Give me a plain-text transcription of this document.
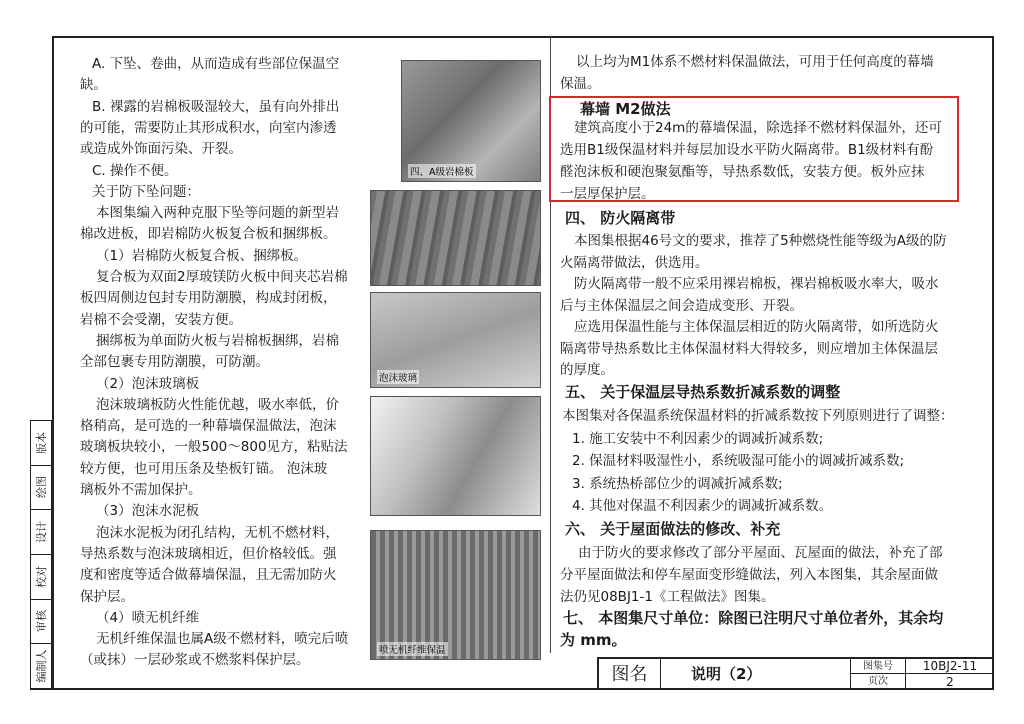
四、A级岩棉板
泡沫玻璃
喷无机纤维保温
版本
绘图
设计
校对
审核
编制人	图名	说明（2）	图集号	10BJ2-11
页次	2
A. 下坠、卷曲，从而造成有些部位保温空
缺。
B. 裸露的岩棉板吸湿较大，虽有向外排出
的可能，需要防止其形成积水，向室内渗透
或造成外饰面污染、开裂。
C. 操作不便。
关于防下坠问题：
本图集编入两种克服下坠等问题的新型岩
棉改进板，即岩棉防火板复合板和捆绑板。
（1）岩棉防火板复合板、捆绑板。
复合板为双面2厚玻镁防火板中间夹芯岩棉
板四周侧边包封专用防潮膜，构成封闭板，
岩棉不会受潮，安装方便。
捆绑板为单面防火板与岩棉板捆绑，岩棉
全部包裹专用防潮膜，可防潮。
（2）泡沫玻璃板
泡沫玻璃板防火性能优越，吸水率低，价
格稍高，是可选的一种幕墙保温做法，泡沫
玻璃板块较小，一般500～800见方，粘贴法
较方便，也可用压条及垫板钉锚。 泡沫玻
璃板外不需加保护。
（3）泡沫水泥板
泡沫水泥板为闭孔结构，无机不燃材料，
导热系数与泡沫玻璃相近，但价格较低。强
度和密度等适合做幕墙保温，且无需加防火
保护层。
（4）喷无机纤维
无机纤维保温也属A级不燃材料，喷完后喷
（或抹）一层砂浆或不燃浆料保护层。
以上均为M1体系不燃材料保温做法，可用于任何高度的幕墙
保温。
幕墙 M2做法
建筑高度小于24m的幕墙保温，除选择不燃材料保温外，还可
选用B1级保温材料并每层加设水平防火隔离带。B1级材料有酚
醛泡沫板和硬泡聚氨酯等，导热系数低，安装方便。板外应抹
一层厚保护层。
四、 防火隔离带
本图集根据46号文的要求，推荐了5种燃烧性能等级为A级的防
火隔离带做法，供选用。
防火隔离带一般不应采用裸岩棉板，裸岩棉板吸水率大，吸水
后与主体保温层之间会造成变形、开裂。
应选用保温性能与主体保温层相近的防火隔离带，如所选防火
隔离带导热系数比主体保温材料大得较多，则应增加主体保温层
的厚度。
五、 关于保温层导热系数折减系数的调整
本图集对各保温系统保温材料的折减系数按下列原则进行了调整：
1. 施工安装中不利因素少的调减折减系数;
2. 保温材料吸湿性小，系统吸湿可能小的调减折减系数;
3. 系统热桥部位少的调减折减系数;
4. 其他对保温不利因素少的调减折减系数。
六、 关于屋面做法的修改、补充
由于防火的要求修改了部分平屋面、瓦屋面的做法，补充了部
分平屋面做法和停车屋面变形缝做法，列入本图集，其余屋面做
法仍见08BJ1-1《工程做法》图集。
七、 本图集尺寸单位：除图已注明尺寸单位者外，其余均
为 mm。
